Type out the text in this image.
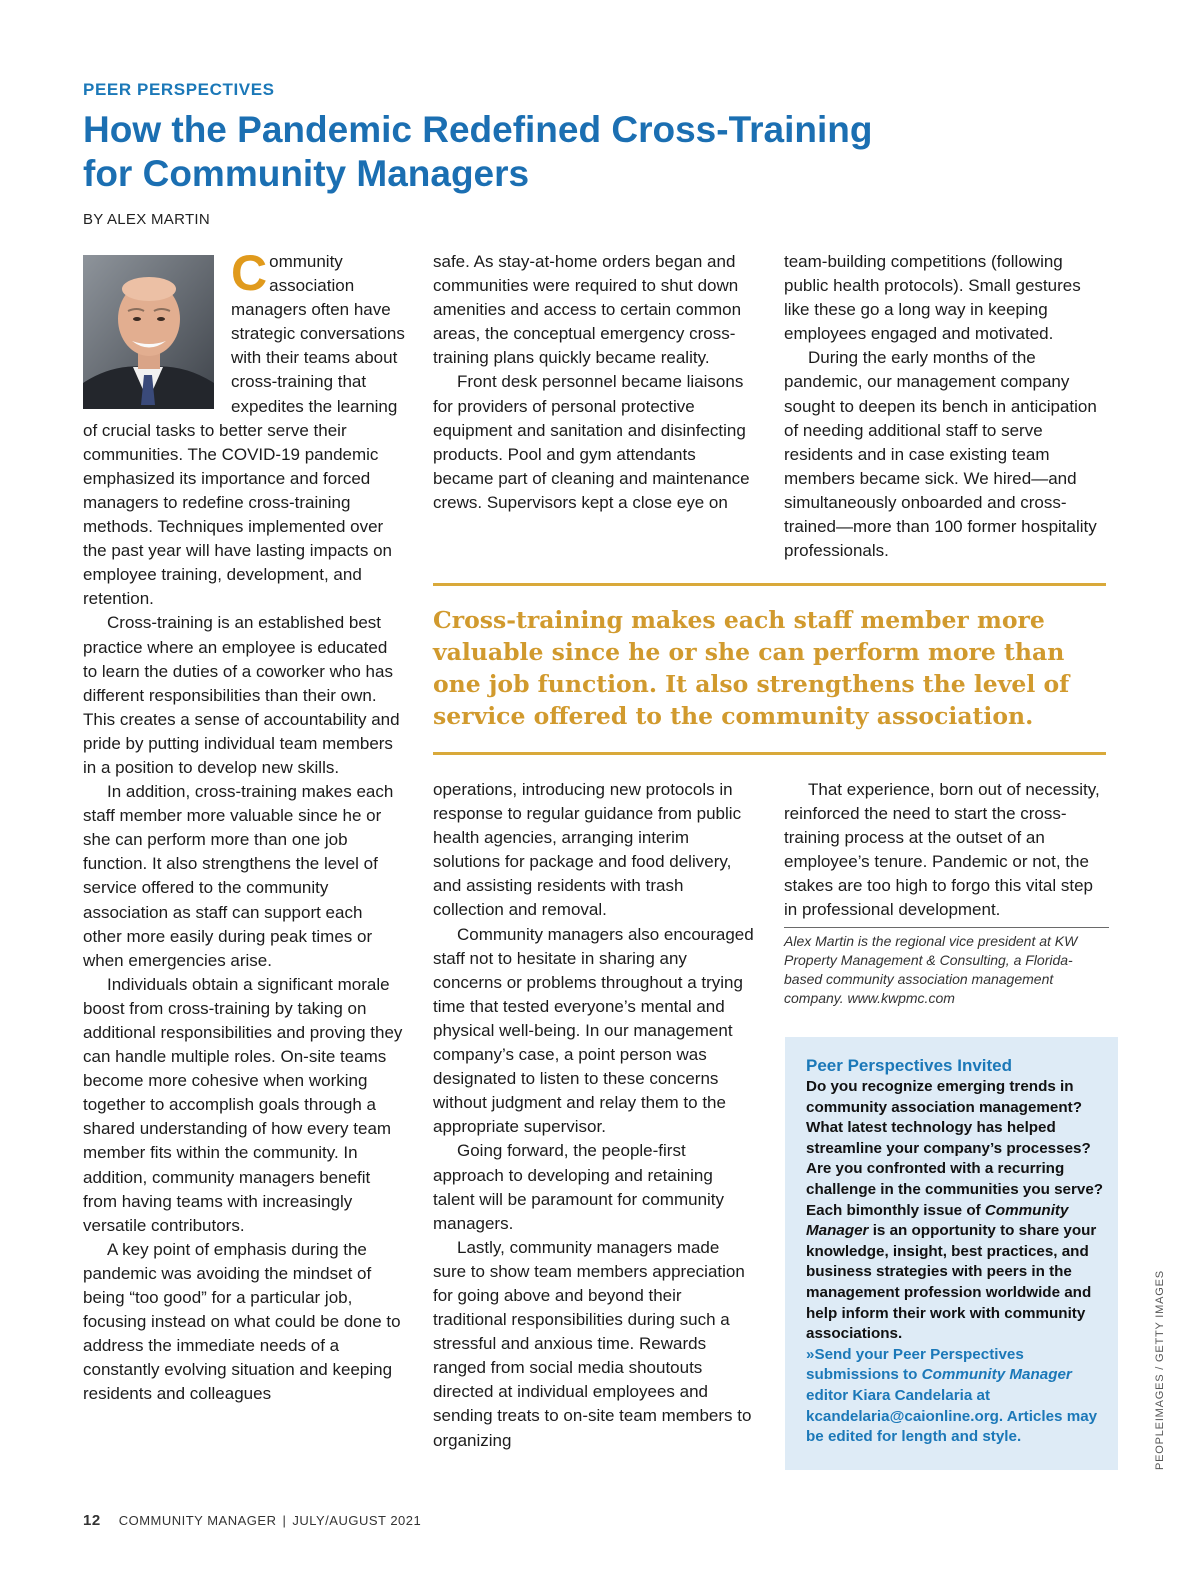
PEER PERSPECTIVES
How the Pandemic Redefined Cross-Training
for Community Managers
BY ALEX MARTIN

Community association managers often have strategic conversations with their teams about cross-training that expedites the learning of crucial tasks to better serve their communities. The COVID-19 pandemic emphasized its importance and forced managers to redefine cross-training methods. Techniques implemented over the past year will have lasting impacts on employee training, development, and retention.

Cross-training is an established best practice where an employee is educated to learn the duties of a coworker who has different responsibilities than their own. This creates a sense of accountability and pride by putting individual team members in a position to develop new skills.

In addition, cross-training makes each staff member more valuable since he or she can perform more than one job function. It also strengthens the level of service offered to the community association as staff can support each other more easily during peak times or when emergencies arise.

Individuals obtain a significant morale boost from cross-training by taking on additional responsibilities and proving they can handle multiple roles. On-site teams become more cohesive when working together to accomplish goals through a shared understanding of how every team member fits within the community. In addition, community managers benefit from having teams with increasingly versatile contributors.

A key point of emphasis during the pandemic was avoiding the mindset of being “too good” for a particular job, focusing instead on what could be done to address the immediate needs of a constantly evolving situation and keeping residents and colleagues

safe. As stay-at-home orders began and communities were required to shut down amenities and access to certain common areas, the conceptual emergency cross-training plans quickly became reality.

Front desk personnel became liaisons for providers of personal protective equipment and sanitation and disinfecting products. Pool and gym attendants became part of cleaning and maintenance crews. Supervisors kept a close eye on

team-building competitions (following public health protocols). Small gestures like these go a long way in keeping employees engaged and motivated.

During the early months of the pandemic, our management company sought to deepen its bench in anticipation of needing additional staff to serve residents and in case existing team members became sick. We hired—and simultaneously onboarded and cross-trained—more than 100 former hospitality professionals.

Cross-training makes each staff member more valuable since he or she can perform more than one job function. It also strengthens the level of service offered to the community association.

operations, introducing new protocols in response to regular guidance from public health agencies, arranging interim solutions for package and food delivery, and assisting residents with trash collection and removal.

Community managers also encouraged staff not to hesitate in sharing any concerns or problems throughout a trying time that tested everyone’s mental and physical well-being. In our management company’s case, a point person was designated to listen to these concerns without judgment and relay them to the appropriate supervisor.

Going forward, the people-first approach to developing and retaining talent will be paramount for community managers.

Lastly, community managers made sure to show team members appreciation for going above and beyond their traditional responsibilities during such a stressful and anxious time. Rewards ranged from social media shoutouts directed at individual employees and sending treats to on-site team members to organizing

That experience, born out of necessity, reinforced the need to start the cross-training process at the outset of an employee’s tenure. Pandemic or not, the stakes are too high to forgo this vital step in professional development.

Alex Martin is the regional vice president at KW Property Management & Consulting, a Florida-based community association management company. www.kwpmc.com

Peer Perspectives Invited

Do you recognize emerging trends in community association management? What latest technology has helped streamline your company’s processes? Are you confronted with a recurring challenge in the communities you serve? Each bimonthly issue of Community Manager is an opportunity to share your knowledge, insight, best practices, and business strategies with peers in the management profession worldwide and help inform their work with community associations.

»Send your Peer Perspectives submissions to Community Manager editor Kiara Candelaria at kcandelaria@caionline.org. Articles may be edited for length and style.	PEOPLEIMAGES / GETTY IMAGES
12 COMMUNITY MANAGER | JULY/AUGUST 2021
